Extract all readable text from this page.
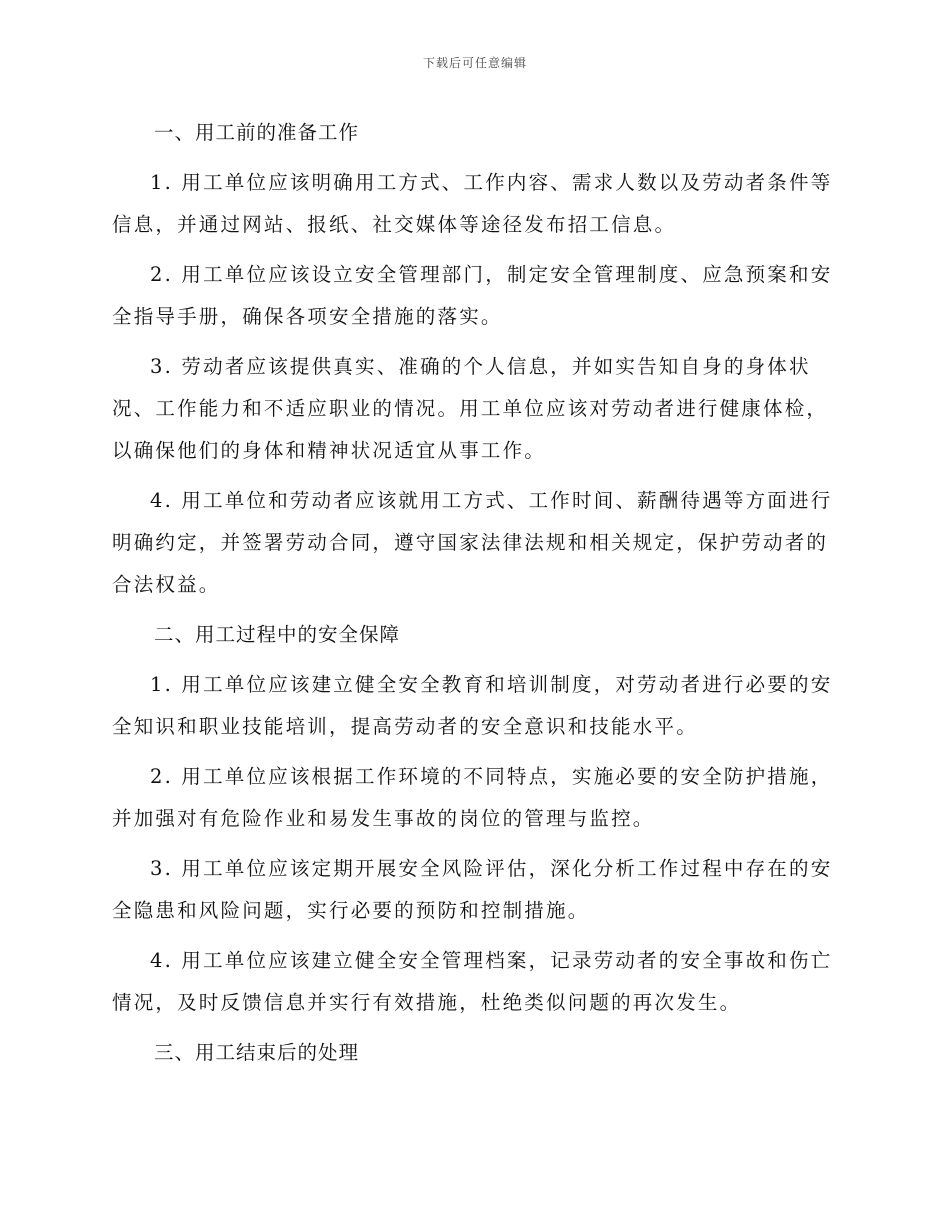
下载后可任意编辑
一、用工前的准备工作
1. 用工单位应该明确用工方式、工作内容、需求人数以及劳动者条件等
信息，并通过网站、报纸、社交媒体等途径发布招工信息。
2. 用工单位应该设立安全管理部门，制定安全管理制度、应急预案和安
全指导手册，确保各项安全措施的落实。
3. 劳动者应该提供真实、准确的个人信息，并如实告知自身的身体状
况、工作能力和不适应职业的情况。用工单位应该对劳动者进行健康体检，
以确保他们的身体和精神状况适宜从事工作。
4. 用工单位和劳动者应该就用工方式、工作时间、薪酬待遇等方面进行
明确约定，并签署劳动合同，遵守国家法律法规和相关规定，保护劳动者的
合法权益。
二、用工过程中的安全保障
1. 用工单位应该建立健全安全教育和培训制度，对劳动者进行必要的安
全知识和职业技能培训，提高劳动者的安全意识和技能水平。
2. 用工单位应该根据工作环境的不同特点，实施必要的安全防护措施，
并加强对有危险作业和易发生事故的岗位的管理与监控。
3. 用工单位应该定期开展安全风险评估，深化分析工作过程中存在的安
全隐患和风险问题，实行必要的预防和控制措施。
4. 用工单位应该建立健全安全管理档案，记录劳动者的安全事故和伤亡
情况，及时反馈信息并实行有效措施，杜绝类似问题的再次发生。
三、用工结束后的处理
